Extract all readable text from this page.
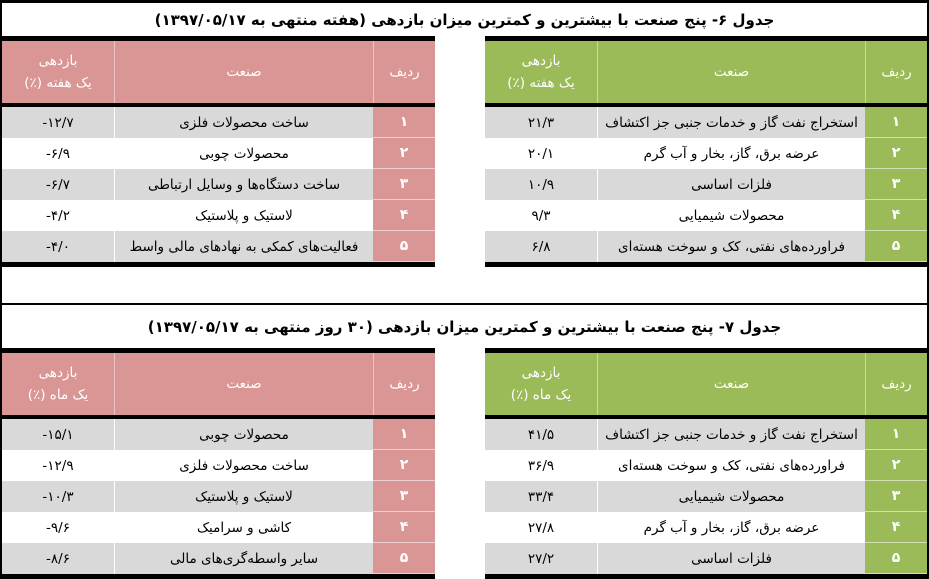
جدول ۶- پنج صنعت با بیشترین و کمترین میزان بازدهی (هفته منتهی به ۱۳۹۷/۰۵/۱۷)
ردیف
صنعت
بازدهی
یک هفته (٪)
۱
ساخت محصولات فلزی
-۱۲/۷
۲
محصولات چوبی
-۶/۹
۳
ساخت دستگاه‌ها و وسایل ارتباطی
-۶/۷
۴
لاستیک و پلاستیک
-۴/۲
۵
فعالیت‌های کمکی به نهادهای مالی واسط
-۴/۰
ردیف
صنعت
بازدهی
یک هفته (٪)
۱
استخراج نفت گاز و خدمات جنبی جز اکتشاف
۲۱/۳
۲
عرضه برق، گاز، بخار و آب گرم
۲۰/۱
۳
فلزات اساسی
۱۰/۹
۴
محصولات شیمیایی
۹/۳
۵
فراورده‌های نفتی، کک و سوخت هسته‌ای
۶/۸
جدول ۷- پنج صنعت با بیشترین و کمترین میزان بازدهی (۳۰ روز منتهی به ۱۳۹۷/۰۵/۱۷)
ردیف
صنعت
بازدهی
یک ماه (٪)
۱
محصولات چوبی
-۱۵/۱
۲
ساخت محصولات فلزی
-۱۲/۹
۳
لاستیک و پلاستیک
-۱۰/۳
۴
کاشی و سرامیک
-۹/۶
۵
سایر واسطه‌گری‌های مالی
-۸/۶
ردیف
صنعت
بازدهی
یک ماه (٪)
۱
استخراج نفت گاز و خدمات جنبی جز اکتشاف
۴۱/۵
۲
فراورده‌های نفتی، کک و سوخت هسته‌ای
۳۶/۹
۳
محصولات شیمیایی
۳۳/۴
۴
عرضه برق، گاز، بخار و آب گرم
۲۷/۸
۵
فلزات اساسی
۲۷/۲
